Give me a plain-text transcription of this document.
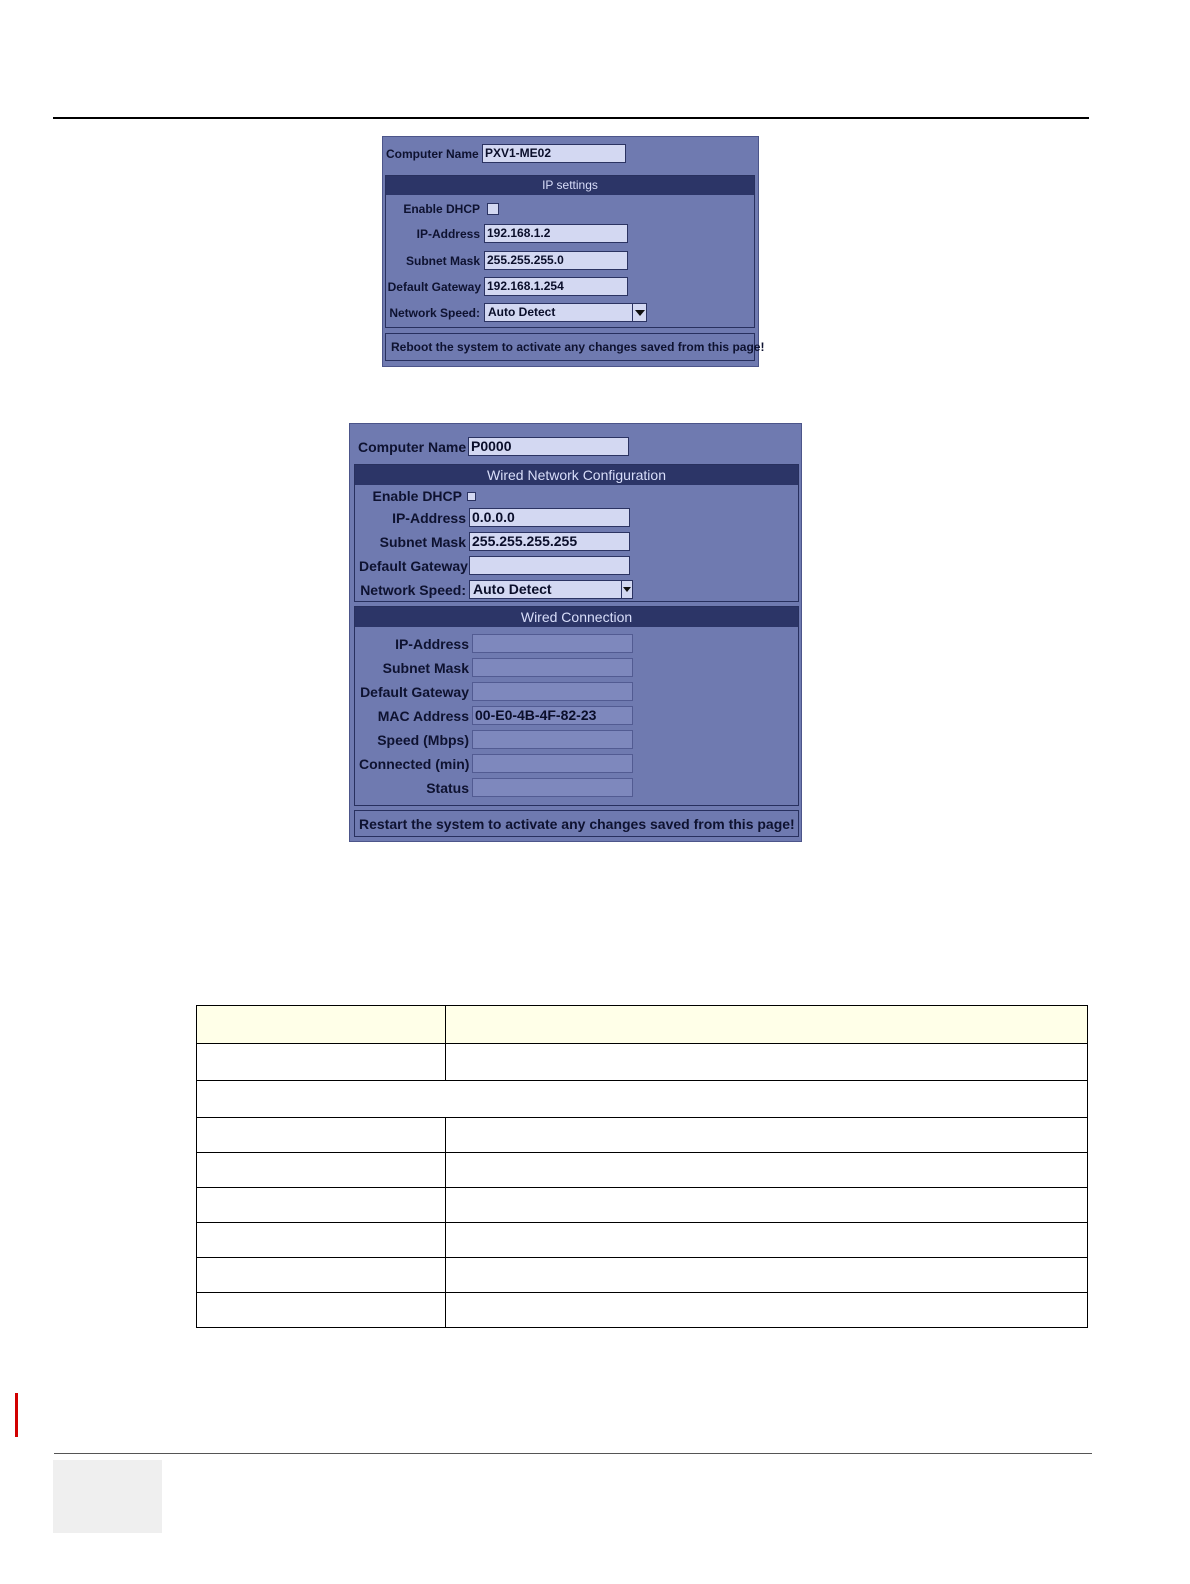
Computer Name PXV1-ME02
IP settings
Enable DHCP
IP-Address 192.168.1.2
Subnet Mask 255.255.255.0
Default Gateway 192.168.1.254
Network Speed: Auto Detect
Reboot the system to activate any changes saved from this page!
Computer Name P0000
Wired Network Configuration
Enable DHCP
IP-Address 0.0.0.0
Subnet Mask 255.255.255.255
Default Gateway
Network Speed: Auto Detect
Wired Connection
IP-Address
Subnet Mask
Default Gateway
MAC Address 00-E0-4B-4F-82-23
Speed (Mbps)
Connected (min)
Status
Restart the system to activate any changes saved from this page!
